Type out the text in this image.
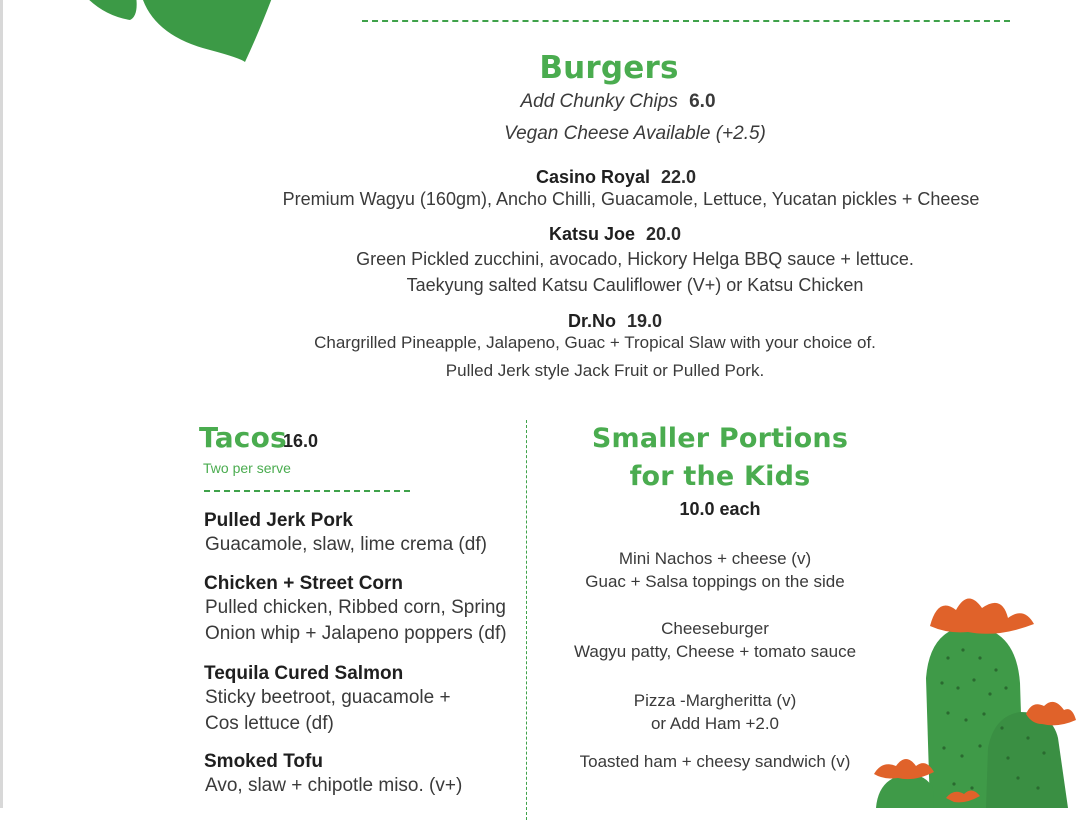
Burgers
Add Chunky Chips 6.0
Vegan Cheese Available (+2.5)
Casino Royal 22.0
Premium Wagyu (160gm), Ancho Chilli, Guacamole, Lettuce, Yucatan pickles + Cheese
Katsu Joe 20.0
Green Pickled zucchini, avocado, Hickory Helga BBQ sauce + lettuce.
Taekyung salted Katsu Cauliflower (V+) or Katsu Chicken
Dr.No 19.0
Chargrilled Pineapple, Jalapeno, Guac + Tropical Slaw with your choice of.
Pulled Jerk style Jack Fruit or Pulled Pork.
Tacos
16.0
Two per serve
Pulled Jerk Pork
Guacamole, slaw, lime crema (df)
Chicken + Street Corn
Pulled chicken, Ribbed corn, Spring
Onion whip + Jalapeno poppers (df)
Tequila Cured Salmon
Sticky beetroot, guacamole +
Cos lettuce (df)
Smoked Tofu
Avo, slaw + chipotle miso. (v+)
Smaller Portions
for the Kids
10.0 each
Mini Nachos + cheese (v)
Guac + Salsa toppings on the side
Cheeseburger
Wagyu patty, Cheese + tomato sauce
Pizza -Margheritta (v)
or Add Ham +2.0
Toasted ham + cheesy sandwich (v)
